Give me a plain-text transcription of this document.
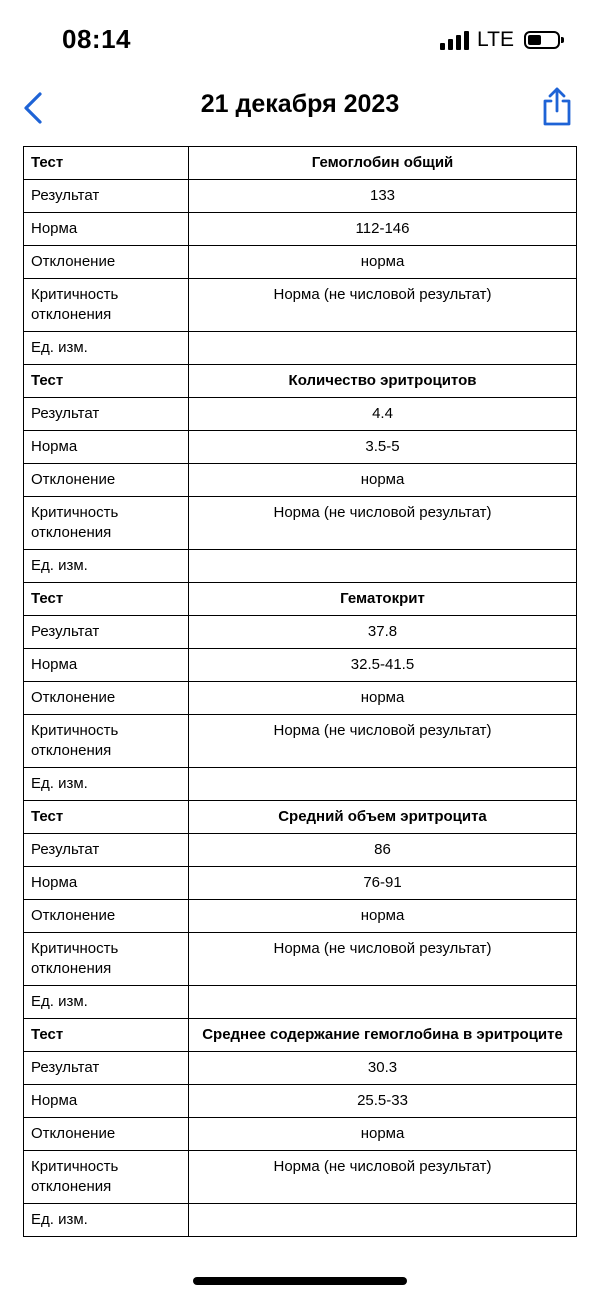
08:14	LTE
21 декабря 2023
Тест	Гемоглобин общий
Результат	133
Норма	112-146
Отклонение	норма
Критичность отклонения	Норма (не числовой результат)
Ед. изм.	
Тест	Количество эритроцитов
Результат	4.4
Норма	3.5-5
Отклонение	норма
Критичность отклонения	Норма (не числовой результат)
Ед. изм.	
Тест	Гематокрит
Результат	37.8
Норма	32.5-41.5
Отклонение	норма
Критичность отклонения	Норма (не числовой результат)
Ед. изм.	
Тест	Средний объем эритроцита
Результат	86
Норма	76-91
Отклонение	норма
Критичность отклонения	Норма (не числовой результат)
Ед. изм.	
Тест	Среднее содержание гемоглобина в эритроците
Результат	30.3
Норма	25.5-33
Отклонение	норма
Критичность отклонения	Норма (не числовой результат)
Ед. изм.	
